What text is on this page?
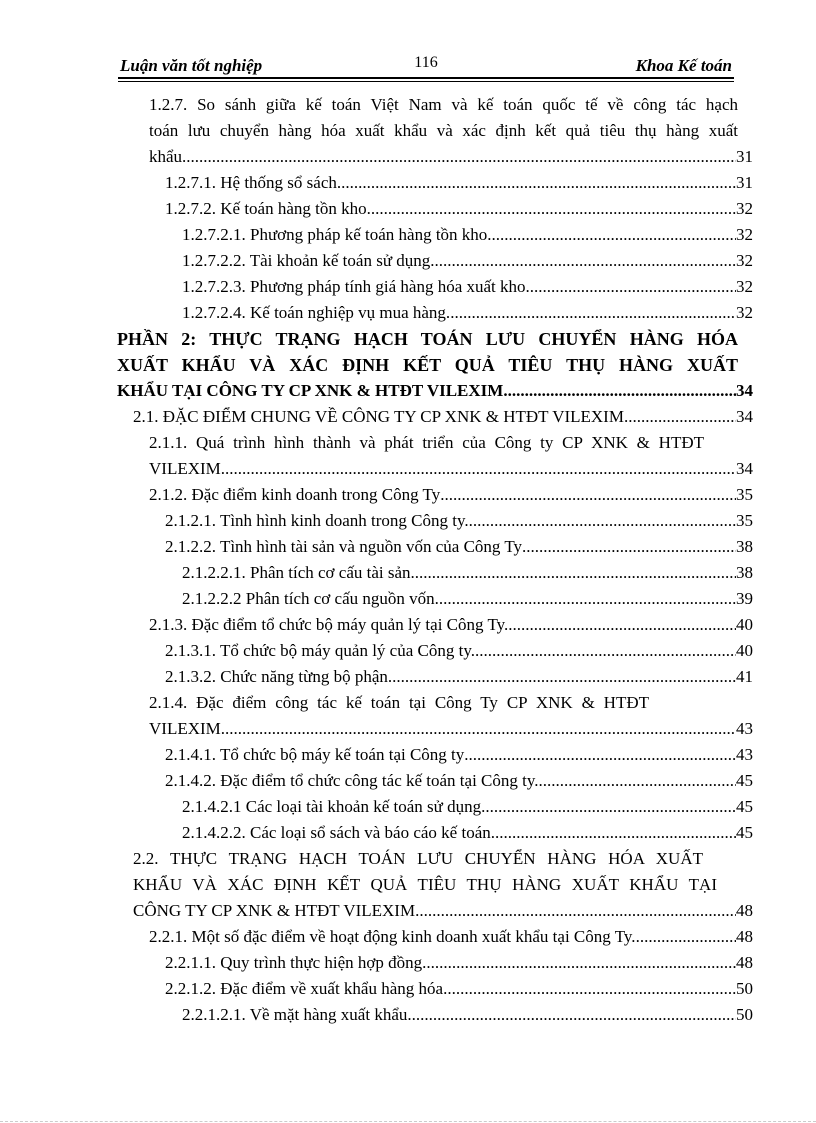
Luận văn tốt nghiệp	116	Khoa Kế toán
1.2.7. So sánh giữa kế toán Việt Nam và kế toán quốc tế về công tác hạch
toán lưu chuyển hàng hóa xuất khẩu và xác định kết quả tiêu thụ hàng xuất
khẩu. .....	31
1.2.7.1. Hệ thống sổ sách .....	31
1.2.7.2. Kế toán hàng tồn kho .....	32
1.2.7.2.1. Phương pháp kế toán hàng tồn kho. .....	32
1.2.7.2.2. Tài khoản kế toán sử dụng. .....	32
1.2.7.2.3. Phương pháp tính giá hàng hóa xuất kho. .....	32
1.2.7.2.4. Kế toán nghiệp vụ mua hàng. .....	32
PHẦN 2: THỰC TRẠNG HẠCH TOÁN LƯU CHUYỂN HÀNG HÓA
XUẤT KHẨU VÀ XÁC ĐỊNH KẾT QUẢ TIÊU THỤ HÀNG XUẤT
KHẨU TẠI CÔNG TY CP XNK & HTĐT VILEXIM .....	34
2.1. ĐẶC ĐIỂM CHUNG VỀ CÔNG TY CP XNK & HTĐT VILEXIM .....	34
2.1.1. Quá trình hình thành và phát triển của Công ty CP XNK & HTĐT
VILEXIM. .....	34
2.1.2. Đặc điểm kinh doanh trong Công Ty .....	35
2.1.2.1. Tình hình kinh doanh trong Công ty. .....	35
2.1.2.2. Tình hình tài sản và nguồn vốn của Công Ty .....	38
2.1.2.2.1. Phân tích cơ cấu tài sản .....	38
2.1.2.2.2 Phân tích cơ cấu nguồn vốn. .....	39
2.1.3. Đặc điểm tổ chức bộ máy quản lý tại Công Ty. .....	40
2.1.3.1. Tổ chức bộ máy quản lý của Công ty. .....	40
2.1.3.2. Chức năng từng bộ phận .....	41
2.1.4. Đặc điểm công tác kế toán tại Công Ty CP XNK & HTĐT
VILEXIM. .....	43
2.1.4.1. Tổ chức bộ máy kế toán tại Công ty .....	43
2.1.4.2. Đặc điểm tổ chức công tác kế toán tại Công ty. .....	45
2.1.4.2.1 Các loại tài khoản kế toán sử dụng. .....	45
2.1.4.2.2. Các loại sổ sách và báo cáo kế toán. .....	45
2.2. THỰC TRẠNG HẠCH TOÁN LƯU CHUYỂN HÀNG HÓA XUẤT
KHẨU VÀ XÁC ĐỊNH KẾT QUẢ TIÊU THỤ HÀNG XUẤT KHẨU TẠI
CÔNG TY CP XNK & HTĐT VILEXIM. .....	48
2.2.1. Một số đặc điểm về hoạt động kinh doanh xuất khẩu tại Công Ty. .....	48
2.2.1.1. Quy trình thực hiện hợp đồng .....	48
2.2.1.2. Đặc điểm về xuất khẩu hàng hóa .....	50
2.2.1.2.1. Về mặt hàng xuất khẩu .....	50
